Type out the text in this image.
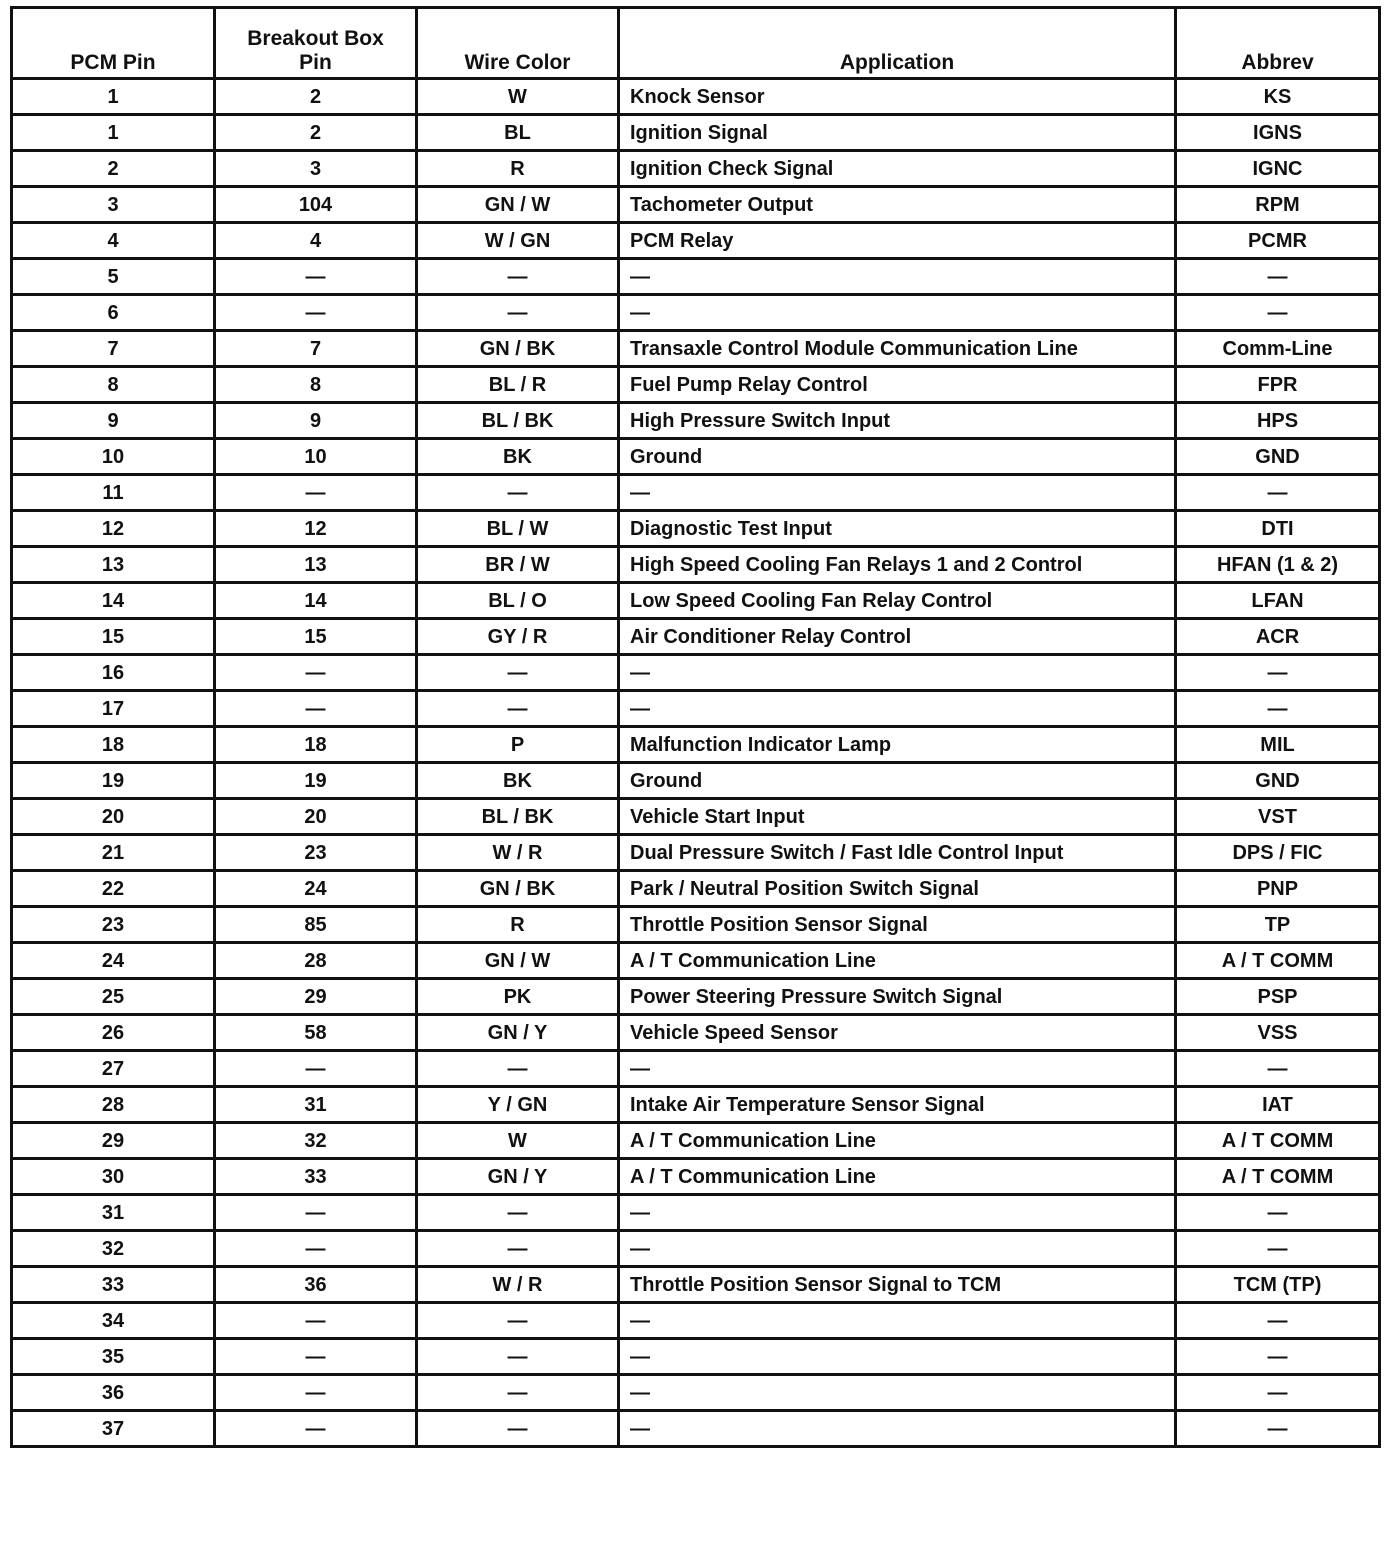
PCM Pin	Breakout Box
Pin	Wire Color	Application	Abbrev
1	2	W	Knock Sensor	KS
1	2	BL	Ignition Signal	IGNS
2	3	R	Ignition Check Signal	IGNC
3	104	GN / W	Tachometer Output	RPM
4	4	W / GN	PCM Relay	PCMR
5	—	—	—	—
6	—	—	—	—
7	7	GN / BK	Transaxle Control Module Communication Line	Comm-Line
8	8	BL / R	Fuel Pump Relay Control	FPR
9	9	BL / BK	High Pressure Switch Input	HPS
10	10	BK	Ground	GND
11	—	—	—	—
12	12	BL / W	Diagnostic Test Input	DTI
13	13	BR / W	High Speed Cooling Fan Relays 1 and 2 Control	HFAN (1 & 2)
14	14	BL / O	Low Speed Cooling Fan Relay Control	LFAN
15	15	GY / R	Air Conditioner Relay Control	ACR
16	—	—	—	—
17	—	—	—	—
18	18	P	Malfunction Indicator Lamp	MIL
19	19	BK	Ground	GND
20	20	BL / BK	Vehicle Start Input	VST
21	23	W / R	Dual Pressure Switch / Fast Idle Control Input	DPS / FIC
22	24	GN / BK	Park / Neutral Position Switch Signal	PNP
23	85	R	Throttle Position Sensor Signal	TP
24	28	GN / W	A / T Communication Line	A / T COMM
25	29	PK	Power Steering Pressure Switch Signal	PSP
26	58	GN / Y	Vehicle Speed Sensor	VSS
27	—	—	—	—
28	31	Y / GN	Intake Air Temperature Sensor Signal	IAT
29	32	W	A / T Communication Line	A / T COMM
30	33	GN / Y	A / T Communication Line	A / T COMM
31	—	—	—	—
32	—	—	—	—
33	36	W / R	Throttle Position Sensor Signal to TCM	TCM (TP)
34	—	—	—	—
35	—	—	—	—
36	—	—	—	—
37	—	—	—	—
